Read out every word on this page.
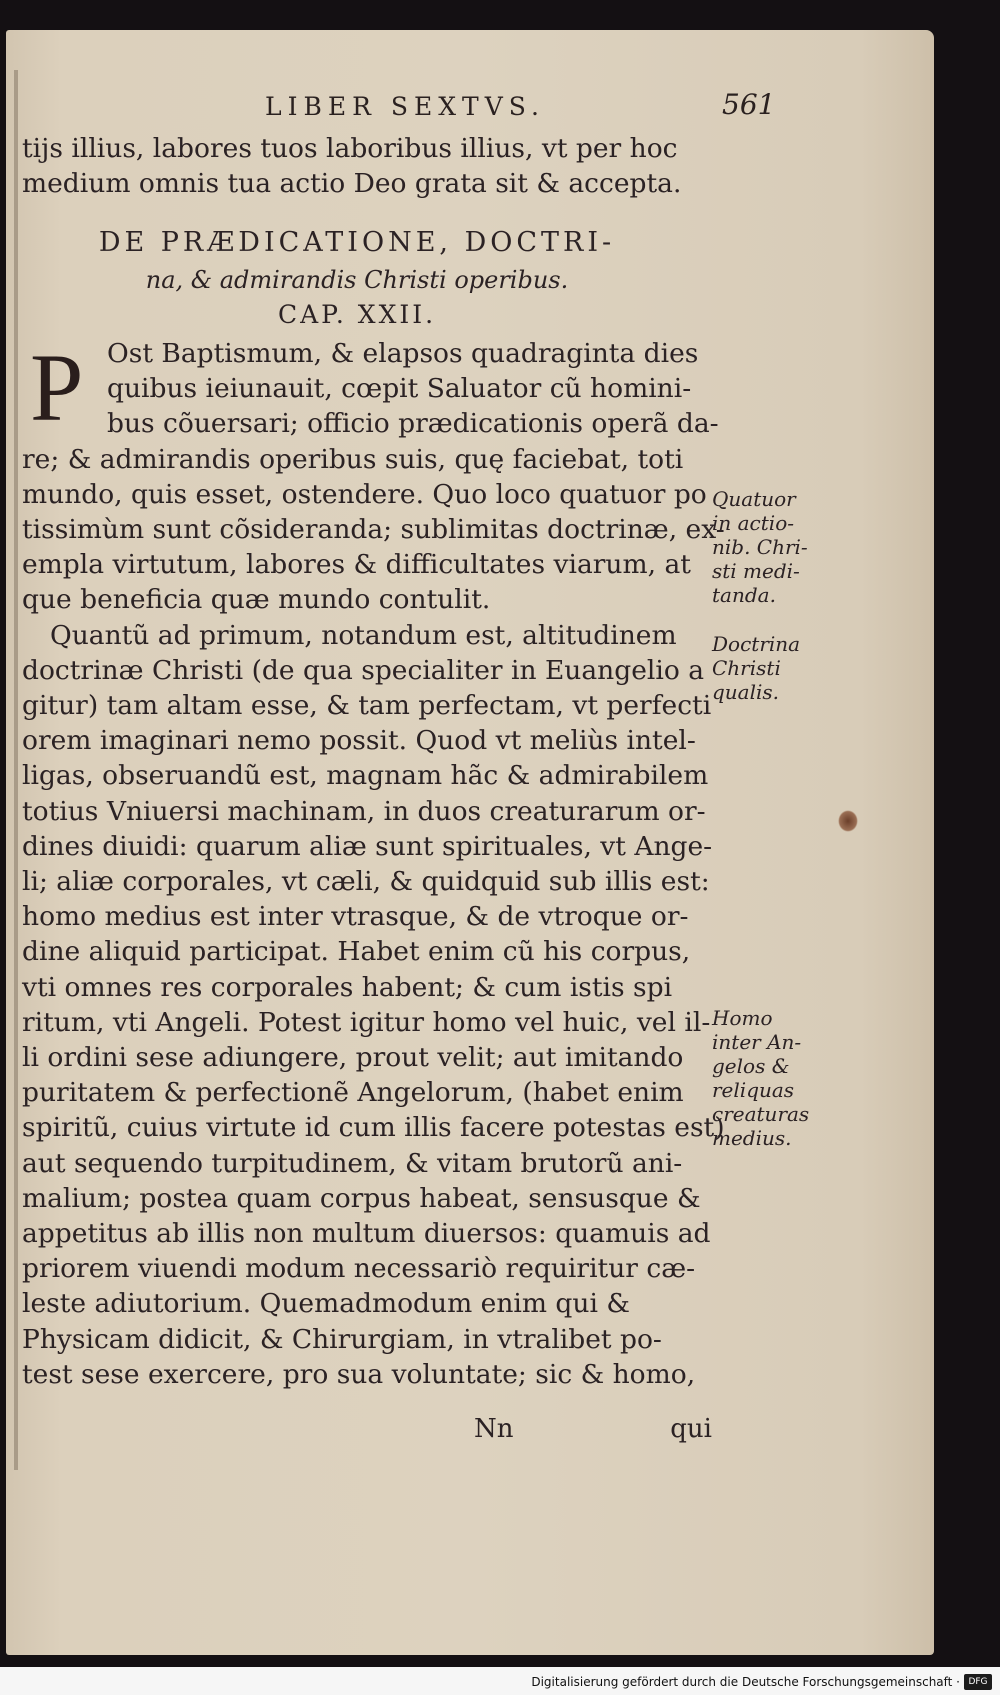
LIBER SEXTVS.	561
tijs illius, labores tuos laboribus illius, vt per hoc
medium omnis tua actio Deo grata sit & accepta.
DE PRÆDICATIONE, DOCTRI-
na, & admirandis Christi operibus.
CAP. XXII.
P Ost Baptismum, & elapsos quadraginta dies
quibus ieiunauit, cœpit Saluator cũ homini-
bus cõuersari; officio prædicationis operã da-
re; & admirandis operibus suis, quę faciebat, toti
mundo, quis esset, ostendere. Quo loco quatuor po
tissimùm sunt cõsideranda; sublimitas doctrinæ, ex-
empla virtutum, labores & difficultates viarum, at
que beneficia quæ mundo contulit.
Quantũ ad primum, notandum est, altitudinem
doctrinæ Christi (de qua specialiter in Euangelio a
gitur) tam altam esse, & tam perfectam, vt perfecti
orem imaginari nemo possit. Quod vt meliùs intel-
ligas, obseruandũ est, magnam hãc & admirabilem
totius Vniuersi machinam, in duos creaturarum or-
dines diuidi: quarum aliæ sunt spirituales, vt Ange-
li; aliæ corporales, vt cæli, & quidquid sub illis est:
homo medius est inter vtrasque, & de vtroque or-
dine aliquid participat. Habet enim cũ his corpus,
vti omnes res corporales habent; & cum istis spi
ritum, vti Angeli. Potest igitur homo vel huic, vel il-
li ordini sese adiungere, prout velit; aut imitando
puritatem & perfectionẽ Angelorum, (habet enim
spiritũ, cuius virtute id cum illis facere potestas est)
aut sequendo turpitudinem, & vitam brutorũ ani-
malium; postea quam corpus habeat, sensusque &
appetitus ab illis non multum diuersos: quamuis ad
priorem viuendi modum necessariò requiritur cæ-
leste adiutorium. Quemadmodum enim qui &
Physicam didicit, & Chirurgiam, in vtralibet po-
test sese exercere, pro sua voluntate; sic & homo,
Quatuor
in actio-
nib. Chri-
sti medi-
tanda.
Doctrina
Christi
qualis.
Homo
inter An-
gelos &
reliquas
creaturas
medius.
Nn	qui
Digitalisierung gefördert durch die Deutsche Forschungsgemeinschaft · DFG
